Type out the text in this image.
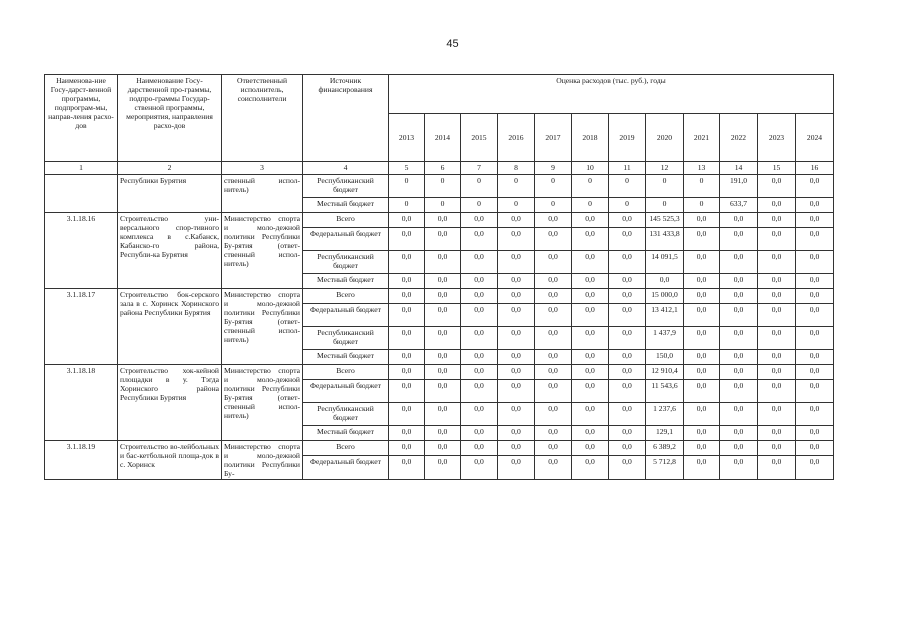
45
Наименова-ние Госу-дарст-венной программы, подпрограм-мы, направ-ления расхо-дов	Наименование Госу-дарственной про-граммы, подпро-граммы Государ-ственной программы, мероприятия, направления расхо-дов	Ответственный исполнитель, соисполнители	Источник финансирования	Оценка расходов (тыс. руб.), годы											
				2013	2014	2015	2016	2017	2018	2019	2020	2021	2022	2023	2024
1	2	3	4	5	6	7	8	9	10	11	12	13	14	15	16
	Республики Бурятия	ственный испол-нитель)	Республиканский бюджет	0	0	0	0	0	0	0	0	0	191,0	0,0	0,0
			Местный бюджет	0	0	0	0	0	0	0	0	0	633,7	0,0	0,0
3.1.18.16	Строительство уни-версального спор-тивного комплекса в с.Кабанск, Кабанско-го района, Республи-ка Бурятия	Министерство спорта и моло-дежной политики Республики Бу-рятия (ответ-ственный испол-нитель)	Всего	0,0	0,0	0,0	0,0	0,0	0,0	0,0	145 525,3	0,0	0,0	0,0	0,0
			Федеральный бюджет	0,0	0,0	0,0	0,0	0,0	0,0	0,0	131 433,8	0,0	0,0	0,0	0,0
			Республиканский бюджет	0,0	0,0	0,0	0,0	0,0	0,0	0,0	14 091,5	0,0	0,0	0,0	0,0
			Местный бюджет	0,0	0,0	0,0	0,0	0,0	0,0	0,0	0,0	0,0	0,0	0,0	0,0
3.1.18.17	Строительство бок-серского зала в с. Хоринск Хоринского района Республики Бурятия	Министерство спорта и моло-дежной политики Республики Бу-рятия (ответ-ственный испол-нитель)	Всего	0,0	0,0	0,0	0,0	0,0	0,0	0,0	15 000,0	0,0	0,0	0,0	0,0
			Федеральный бюджет	0,0	0,0	0,0	0,0	0,0	0,0	0,0	13 412,1	0,0	0,0	0,0	0,0
			Республиканский бюджет	0,0	0,0	0,0	0,0	0,0	0,0	0,0	1 437,9	0,0	0,0	0,0	0,0
			Местный бюджет	0,0	0,0	0,0	0,0	0,0	0,0	0,0	150,0	0,0	0,0	0,0	0,0
3.1.18.18	Строительство хок-кейной площадки в у. Тэгда Хоринского района Республики Бурятия	Министерство спорта и моло-дежной политики Республики Бу-рятия (ответ-ственный испол-нитель)	Всего	0,0	0,0	0,0	0,0	0,0	0,0	0,0	12 910,4	0,0	0,0	0,0	0,0
			Федеральный бюджет	0,0	0,0	0,0	0,0	0,0	0,0	0,0	11 543,6	0,0	0,0	0,0	0,0
			Республиканский бюджет	0,0	0,0	0,0	0,0	0,0	0,0	0,0	1 237,6	0,0	0,0	0,0	0,0
			Местный бюджет	0,0	0,0	0,0	0,0	0,0	0,0	0,0	129,1	0,0	0,0	0,0	0,0
3.1.18.19	Строительство во-лейбольных и бас-кетбольной площа-док в с. Хоринск	Министерство спорта и моло-дежной политики Республики Бу-	Всего	0,0	0,0	0,0	0,0	0,0	0,0	0,0	6 389,2	0,0	0,0	0,0	0,0
			Федеральный бюджет	0,0	0,0	0,0	0,0	0,0	0,0	0,0	5 712,8	0,0	0,0	0,0	0,0
